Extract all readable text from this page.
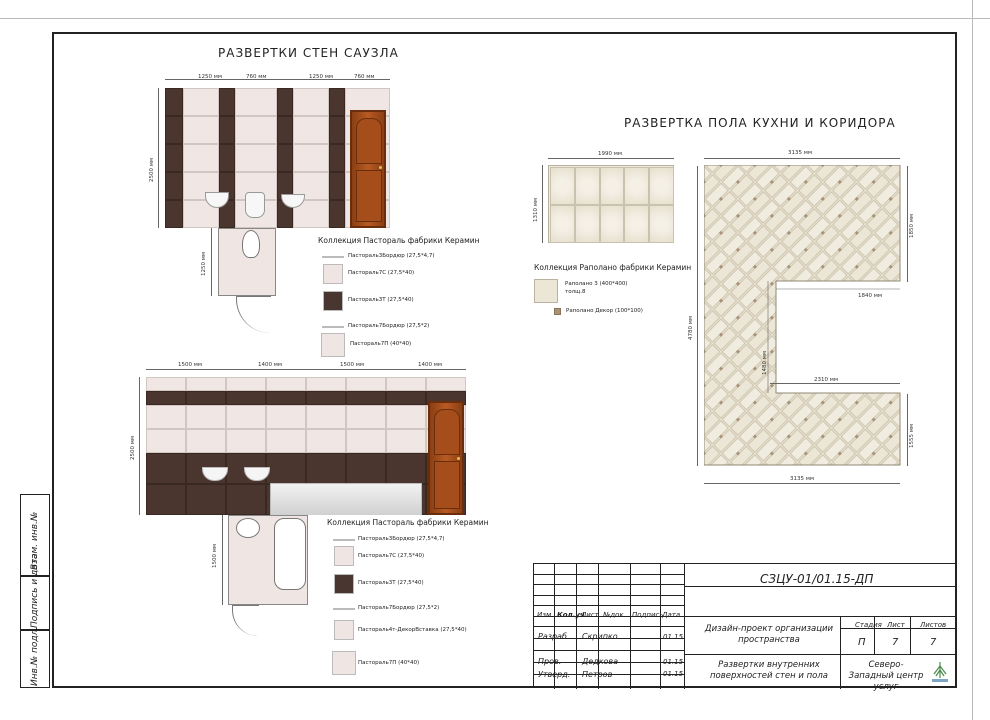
РАЗВЕРТКИ СТЕН САУЗЛА
РАЗВЕРТКА ПОЛА КУХНИ И КОРИДОРА
1250 мм	760 мм	1250 мм	760 мм
2500 мм
1250 мм
Коллекция Пастораль фабрики Керамин
Пастораль3Бордюр (27,5*4,7)
Пастораль7С (27,5*40)
Пастораль3Т (27,5*40)
Пастораль7Бордюр (27,5*2)
Пастораль7П (40*40)
1500 мм	1400 мм	1500 мм	1400 мм
2500 мм
1500 мм
Коллекция Пастораль фабрики Керамин
Пастораль3Бордюр (27,5*4,7)
Пастораль7С (27,5*40)
Пастораль3Т (27,5*40)
Пастораль7Бордюр (27,5*2)
Пастораль4т-ДекорВставка (27,5*40)
Пастораль7П (40*40)
1990 мм
1310 мм
Коллекция Раполано фабрики Керамин
Раполано 3 (400*400)
толщ.8
Раполано Декор (100*100)
3135 мм
3135 мм
4780 мм
1850 мм
1555 мм
1840 мм
2310 мм
1480 мм
Взам. инв.№
Подпись и дата
Инв.№ подл.
СЗЦУ-01/01.15-ДП
Изм. Кол.уч
Лист №док Подпись
Дата
Разраб. Скрипко	01.15
Пров.	Дедкова	01.15
Утверд. Петров	01.15
Дизайн-проект организации пространства
Развертки внутренних поверхностей стен и пола
Стадия Лист Листов
П	7	7
Северо-Западный центр услуг
